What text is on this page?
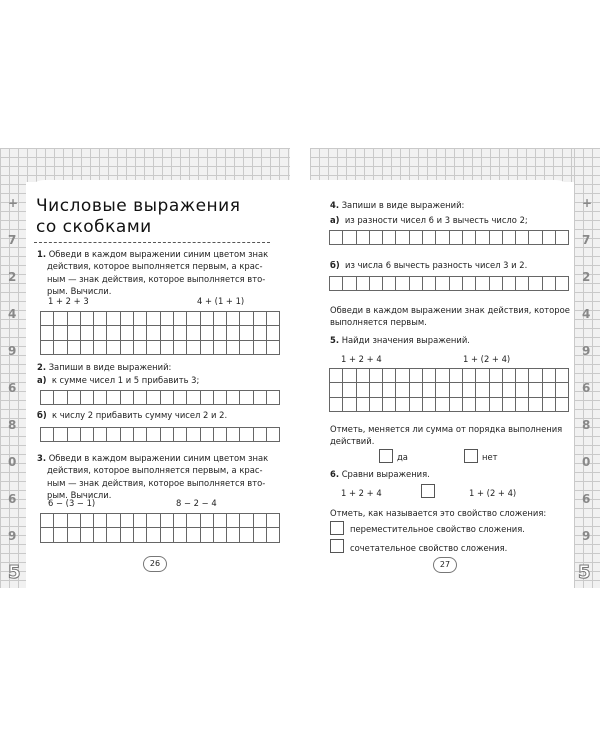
+
7
2
4
9
6
8
0
6
9
+
7
2
4
9
6
8
0
6
9
5	5
Числовые выражения
со скобками
1. Обведи в каждом выражении синим цветом знак
действия, которое выполняется первым, а крас-
ным — знак действия, которое выполняется вто-
рым. Вычисли.
1 + 2 + 3	4 + (1 + 1)

2. Запиши в виде выражений:
а) к сумме чисел 1 и 5 прибавить 3;

б) к числу 2 прибавить сумму чисел 2 и 2.

3. Обведи в каждом выражении синим цветом знак
действия, которое выполняется первым, а крас-
ным — знак действия, которое выполняется вто-
рым. Вычисли.
6 − (3 − 1)	8 − 2 − 4

26
4. Запиши в виде выражений:
а) из разности чисел 6 и 3 вычесть число 2;

б) из числа 6 вычесть разность чисел 3 и 2.

Обведи в каждом выражении знак действия, которое
выполняется первым.
5. Найди значения выражений.
1 + 2 + 4	1 + (2 + 4)

Отметь, меняется ли сумма от порядка выполнения
действий.
да	нет
6. Сравни выражения.
1 + 2 + 4	1 + (2 + 4)
Отметь, как называется это свойство сложения:
переместительное свойство сложения.
сочетательное свойство сложения.
27
